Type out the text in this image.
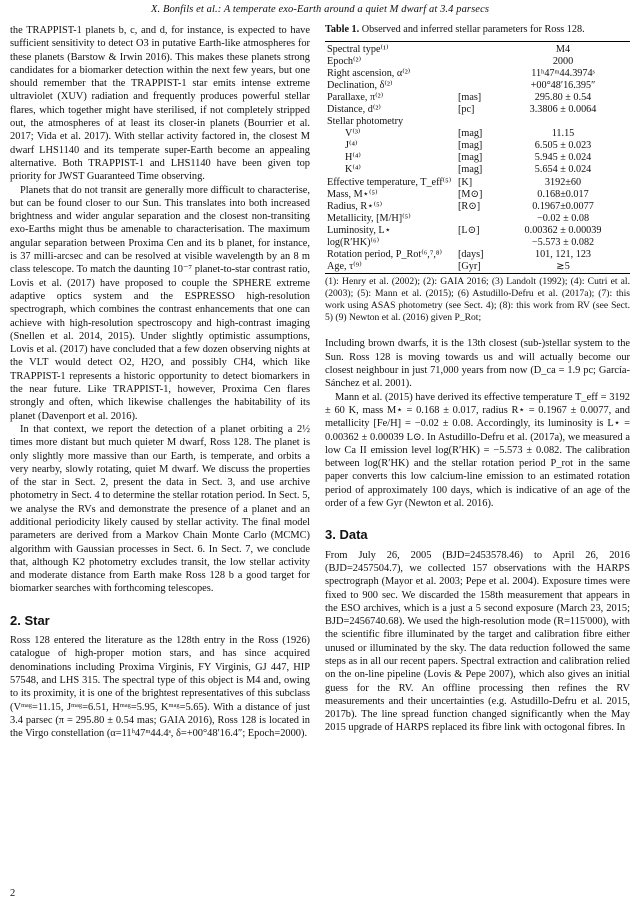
X. Bonfils et al.: A temperate exo-Earth around a quiet M dwarf at 3.4 parsecs

the TRAPPIST-1 planets b, c, and d, for instance, is expected to have sufficient sensitivity to detect O3 in putative Earth-like atmospheres for these planets (Barstow & Irwin 2016). This makes these planets strong candidates for a biomarker detection within the next few years, but one should remember that the TRAPPIST-1 star emits intense extreme ultraviolet (XUV) radiation and frequently produces powerful stellar flares, which together might have sterilised, if not completely stripped out, the atmospheres of at least its closer-in planets (Bourrier et al. 2017; Vida et al. 2017). With stellar activity factored in, the closest M dwarf LHS1140 and its temperate super-Earth become an appealing alternative. Both TRAPPIST-1 and LHS1140 have been given top priority for JWST Guaranteed Time observing.

Planets that do not transit are generally more difficult to characterise, but can be found closer to our Sun. This translates into both increased brightness and wider angular separation and the closest non-transiting exo-Earths might thus be amenable to characterisation. The maximum angular separation between Proxima Cen and its b planet, for instance, is 37 milli-arcsec and can be resolved at visible wavelength by an 8 m class telescope. To match the daunting 10⁻⁷ planet-to-star contrast ratio, Lovis et al. (2017) have proposed to couple the SPHERE extreme adaptive optics system and the ESPRESSO high-resolution spectrograph, which combines the contrast enhancements that one can achieve with high-resolution spectroscopy and high-contrast imaging (Snellen et al. 2014, 2015). Under slightly optimistic assumptions, Lovis et al. (2017) have concluded that a few dozen observing nights at the VLT would detect O2, H2O, and possibly CH4, which like TRAPPIST-1 represents a historic opportunity to detect biomarkers in the near future. Like TRAPPIST-1, however, Proxima Cen flares strongly and often, which likewise challenges the habitability of its planet (Davenport et al. 2016).

In that context, we report the detection of a planet orbiting a 2½ times more distant but much quieter M dwarf, Ross 128. The planet is only slightly more massive than our Earth, is temperate, and orbits a very nearby, slowly rotating, quiet M dwarf. We discuss the properties of the star in Sect. 2, present the data in Sect. 3, and use archive photometry in Sect. 4 to determine the stellar rotation period. In Sect. 5, we analyse the RVs and demonstrate the presence of a planet and an additional periodicity likely caused by stellar activity. The final model parameters are derived from a Markov Chain Monte Carlo (MCMC) algorithm with Gaussian processes in Sect. 6. In Sect. 7, we conclude that, although K2 photometry excludes transit, the low stellar activity and moderate distance from Earth make Ross 128 b a good target for biomarker searches with forthcoming telescopes.

2. Star

Ross 128 entered the literature as the 128th entry in the Ross (1926) catalogue of high-proper motion stars, and has since acquired denominations including Proxima Virginis, FY Virginis, GJ 447, HIP 57548, and LHS 315. The spectral type of this object is M4 and, owing to its proximity, it is one of the brightest representatives of this subclass (Vᵐᵃᵍ=11.15, Jᵐᵃᵍ=6.51, Hᵐᵃᵍ=5.95, Kᵐᵃᵍ=5.65). With a distance of just 3.4 parsec (π = 295.80 ± 0.54 mas; GAIA 2016), Ross 128 is located in the Virgo constellation (α=11ʰ47ᵐ44.4ˢ, δ=+00°48′16.4″; Epoch=2000).

Table 1. Observed and inferred stellar parameters for Ross 128.
Spectral type⁽¹⁾		M4
Epoch⁽²⁾		2000
Right ascension, α⁽²⁾		11ʰ47ᵐ44.3974ˢ
Declination, δ⁽²⁾		+00°48′16.395″
Parallaxe, π⁽²⁾	[mas]	295.80 ± 0.54
Distance, d⁽²⁾	[pc]	3.3806 ± 0.0064
Stellar photometry		
V⁽³⁾	[mag]	11.15
J⁽⁴⁾	[mag]	6.505 ± 0.023
H⁽⁴⁾	[mag]	5.945 ± 0.024
K⁽⁴⁾	[mag]	5.654 ± 0.024
Effective temperature, T_eff⁽⁵⁾	[K]	3192±60
Mass, M⋆⁽⁵⁾	[M⊙]	0.168±0.017
Radius, R⋆⁽⁵⁾	[R⊙]	0.1967±0.0077
Metallicity, [M/H]⁽⁵⁾		−0.02 ± 0.08
Luminosity, L⋆	[L⊙]	0.00362 ± 0.00039
log(R′HK)⁽⁶⁾		−5.573 ± 0.082
Rotation period, P_Rot⁽⁶,⁷,⁸⁾	[days]	101, 121, 123
Age, τ⁽⁹⁾	[Gyr]	≳5
(1): Henry et al. (2002); (2): GAIA 2016; (3) Landolt (1992); (4): Cutri et al. (2003); (5): Mann et al. (2015); (6) Astudillo-Defru et al. (2017a); (7): this work using ASAS photometry (see Sect. 4); (8): this work from RV (see Sect. 5) (9) Newton et al. (2016) given P_Rot;

Including brown dwarfs, it is the 13th closest (sub-)stellar system to the Sun. Ross 128 is moving towards us and will actually become our closest neighbour in just 71,000 years from now (D_ca = 1.9 pc; García-Sánchez et al. 2001).

Mann et al. (2015) have derived its effective temperature T_eff = 3192 ± 60 K, mass M⋆ = 0.168 ± 0.017, radius R⋆ = 0.1967 ± 0.0077, and metallicity [Fe/H] = −0.02 ± 0.08. Accordingly, its luminosity is L⋆ = 0.00362 ± 0.00039 L⊙. In Astudillo-Defru et al. (2017a), we measured a low Ca II emission level log(R′HK) = −5.573 ± 0.082. The calibration between log(R′HK) and the stellar rotation period P_rot in the same paper converts this low calcium-line emission to an estimated rotation period of approximately 100 days, which is indicative of an age of the order of a few Gyr (Newton et al. 2016).

3. Data

From July 26, 2005 (BJD=2453578.46) to April 26, 2016 (BJD=2457504.7), we collected 157 observations with the HARPS spectrograph (Mayor et al. 2003; Pepe et al. 2004). Exposure times were fixed to 900 sec. We discarded the 158th measurement that appears in the ESO archives, which is a just a 5 second exposure (March 23, 2015; BJD=2456740.68). We used the high-resolution mode (R=115'000), with the scientific fibre illuminated by the target and calibration fibre either unused or illuminated by the sky. The data reduction followed the same steps as in all our recent papers. Spectral extraction and calibration relied on the on-line pipeline (Lovis & Pepe 2007), which also gives an initial guess for the RV. An offline processing then refines the RV measurements and their uncertainties (e.g. Astudillo-Defru et al. 2015, 2017b). The line spread function changed significantly when the May 2015 upgrade of HARPS replaced its fibre link with octogonal fibres. In

2
